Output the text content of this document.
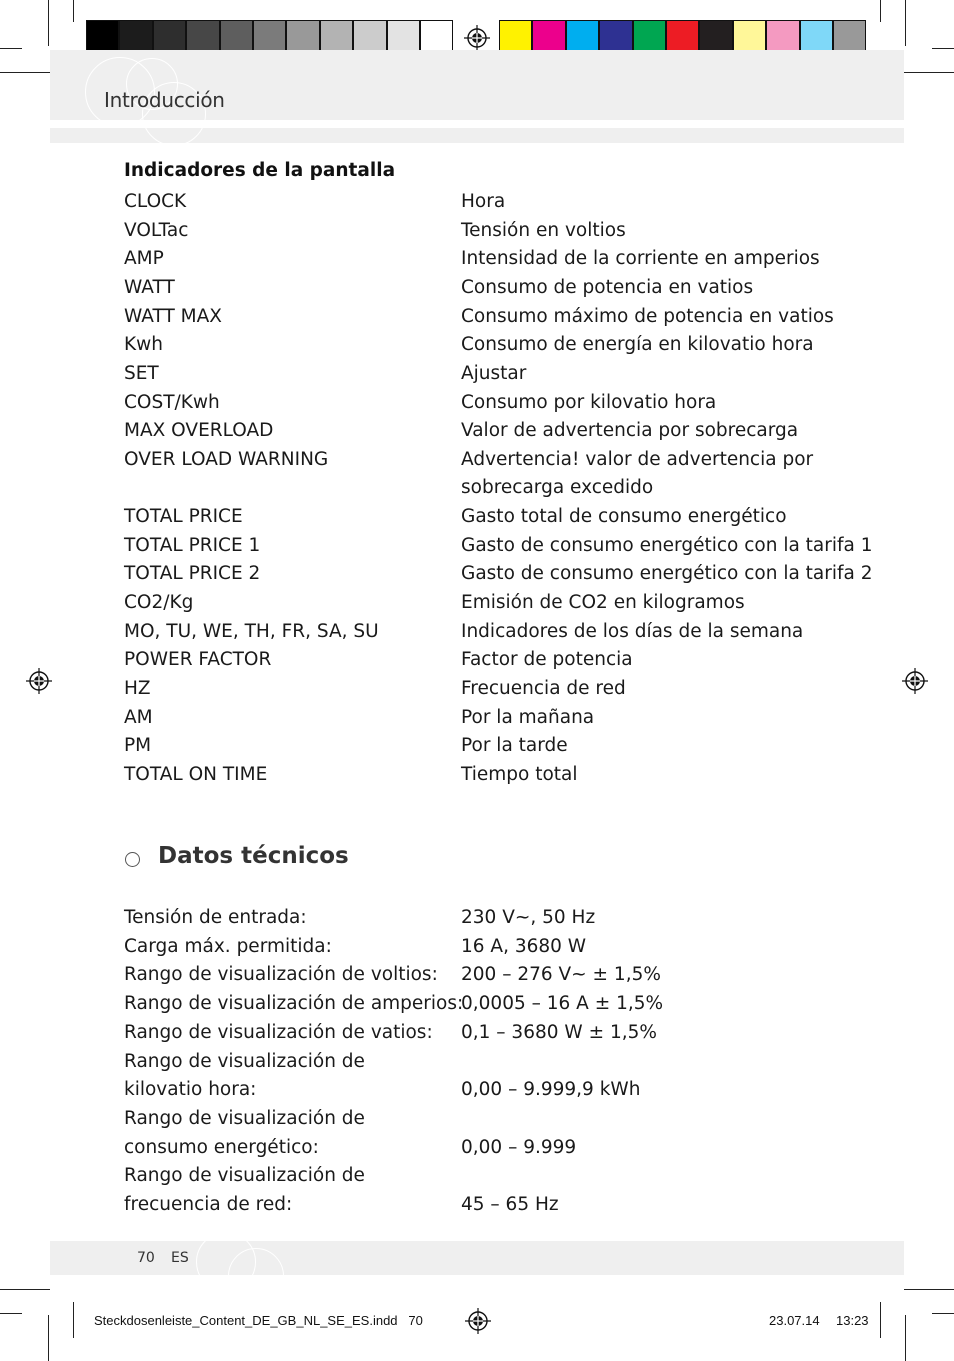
Introducción
Indicadores de la pantalla
CLOCK	Hora
VOLTac	Tensión en voltios
AMP	Intensidad de la corriente en amperios
WATT	Consumo de potencia en vatios
WATT MAX	Consumo máximo de potencia en vatios
Kwh	Consumo de energía en kilovatio hora
SET	Ajustar
COST/Kwh	Consumo por kilovatio hora
MAX OVERLOAD	Valor de advertencia por sobrecarga
OVER LOAD WARNING	Advertencia! valor de advertencia por
sobrecarga excedido
TOTAL PRICE	Gasto total de consumo energético
TOTAL PRICE 1	Gasto de consumo energético con la tarifa 1
TOTAL PRICE 2	Gasto de consumo energético con la tarifa 2
CO2/Kg	Emisión de CO2 en kilogramos
MO, TU, WE, TH, FR, SA, SU	Indicadores de los días de la semana
POWER FACTOR	Factor de potencia
HZ	Frecuencia de red
AM	Por la mañana
PM	Por la tarde
TOTAL ON TIME	Tiempo total
Datos técnicos
Tensión de entrada:	230 V~, 50 Hz
Carga máx. permitida:	16 A, 3680 W
Rango de visualización de voltios: 200 – 276 V~ ± 1,5%
Rango de visualización de amperios:
0,0005 – 16 A ± 1,5%
Rango de visualización de vatios: 0,1 – 3680 W ± 1,5%
Rango de visualización de
kilovatio hora:	0,00 – 9.999,9 kWh
Rango de visualización de
consumo energético:	0,00 – 9.999
Rango de visualización de
frecuencia de red:	45 – 65 Hz
70 ES
Steckdosenleiste_Content_DE_GB_NL_SE_ES.indd   70	23.07.14 13:23
